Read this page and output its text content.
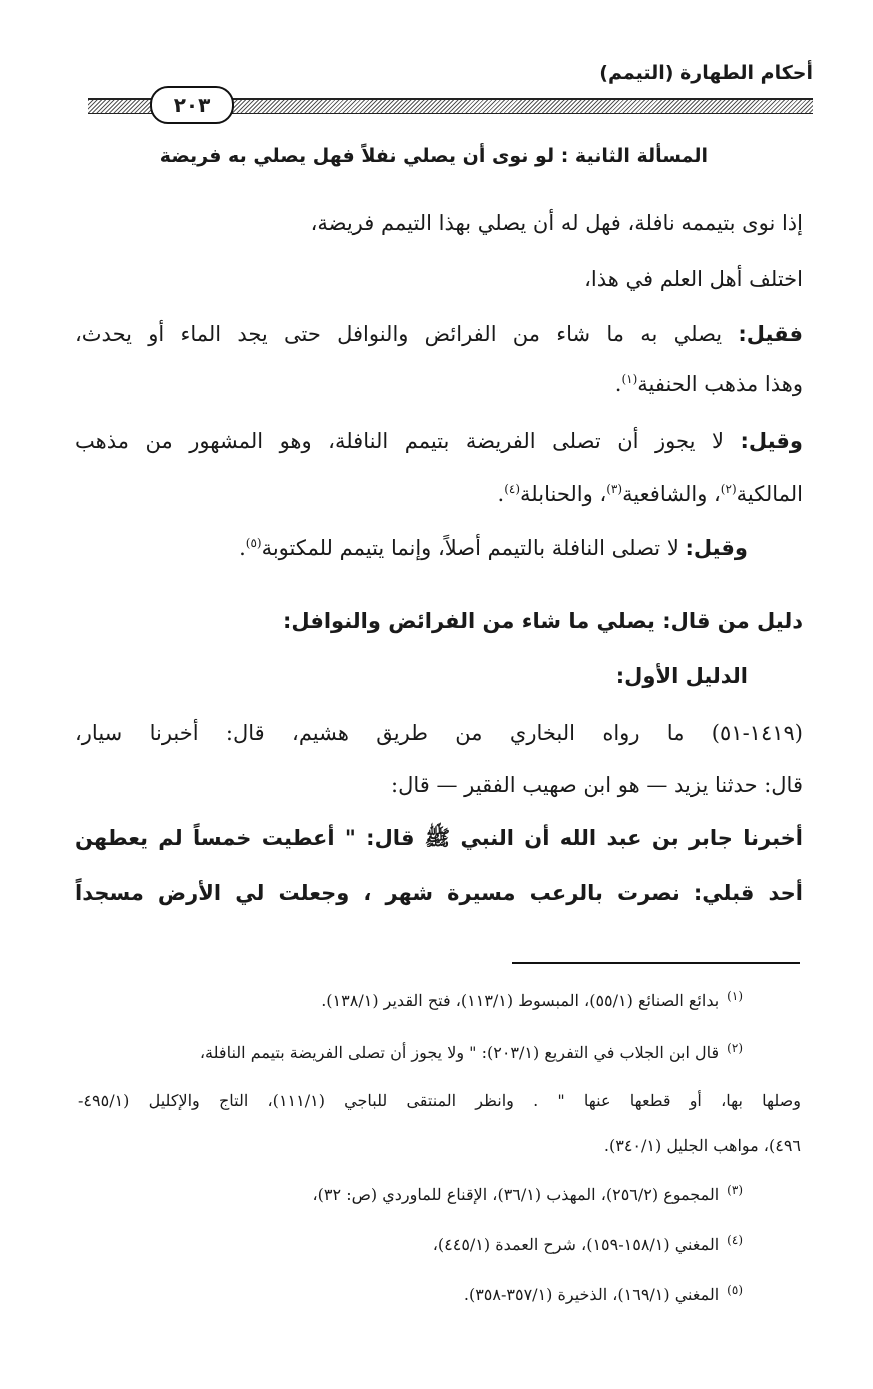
أحكام الطهارة (التيمم)
٢٠٣
المسألة الثانية : لو نوى أن يصلي نفلاً فهل يصلي به فريضة
إذا نوى بتيممه نافلة، فهل له أن يصلي بهذا التيمم فريضة،
اختلف أهل العلم في هذا،
فقيل: يصلي به ما شاء من الفرائض والنوافل حتى يجد الماء أو يحدث،
وهذا مذهب الحنفية$^{(١)}$.
وقيل: لا يجوز أن تصلى الفريضة بتيمم النافلة، وهو المشهور من مذهب
المالكية$^{(٢)}$، والشافعية$^{(٣)}$، والحنابلة$^{(٤)}$.
وقيل: لا تصلى النافلة بالتيمم أصلاً، وإنما يتيمم للمكتوبة$^{(٥)}$.
دليل من قال: يصلي ما شاء من الفرائض والنوافل:
الدليل الأول:
(١٤١٩-٥١) ما رواه البخاري من طريق هشيم، قال: أخبرنا سيار،
قال: حدثنا يزيد — هو ابن صهيب الفقير — قال:
أخبرنا جابر بن عبد الله أن النبي ﷺ قال: " أعطيت خمساً لم يعطهن
أحد قبلي: نصرت بالرعب مسيرة شهر ، وجعلت لي الأرض مسجداً
$^{(١)}$بدائع الصنائع (٥٥/١)، المبسوط (١١٣/١)، فتح القدير (١٣٨/١).
$^{(٢)}$قال ابن الجلاب في التفريع (٢٠٣/١): " ولا يجوز أن تصلى الفريضة بتيمم النافلة،
وصلها بها، أو قطعها عنها " . وانظر المنتقى للباجي (١١١/١)، التاج والإكليل (٤٩٥/١-
٤٩٦)، مواهب الجليل (٣٤٠/١).
$^{(٣)}$المجموع (٢٥٦/٢)، المهذب (٣٦/١)، الإقناع للماوردي (ص: ٣٢)،
$^{(٤)}$المغني (١٥٨/١-١٥٩)، شرح العمدة (٤٤٥/١)،
$^{(٥)}$المغني (١٦٩/١)، الذخيرة (٣٥٧/١-٣٥٨).
